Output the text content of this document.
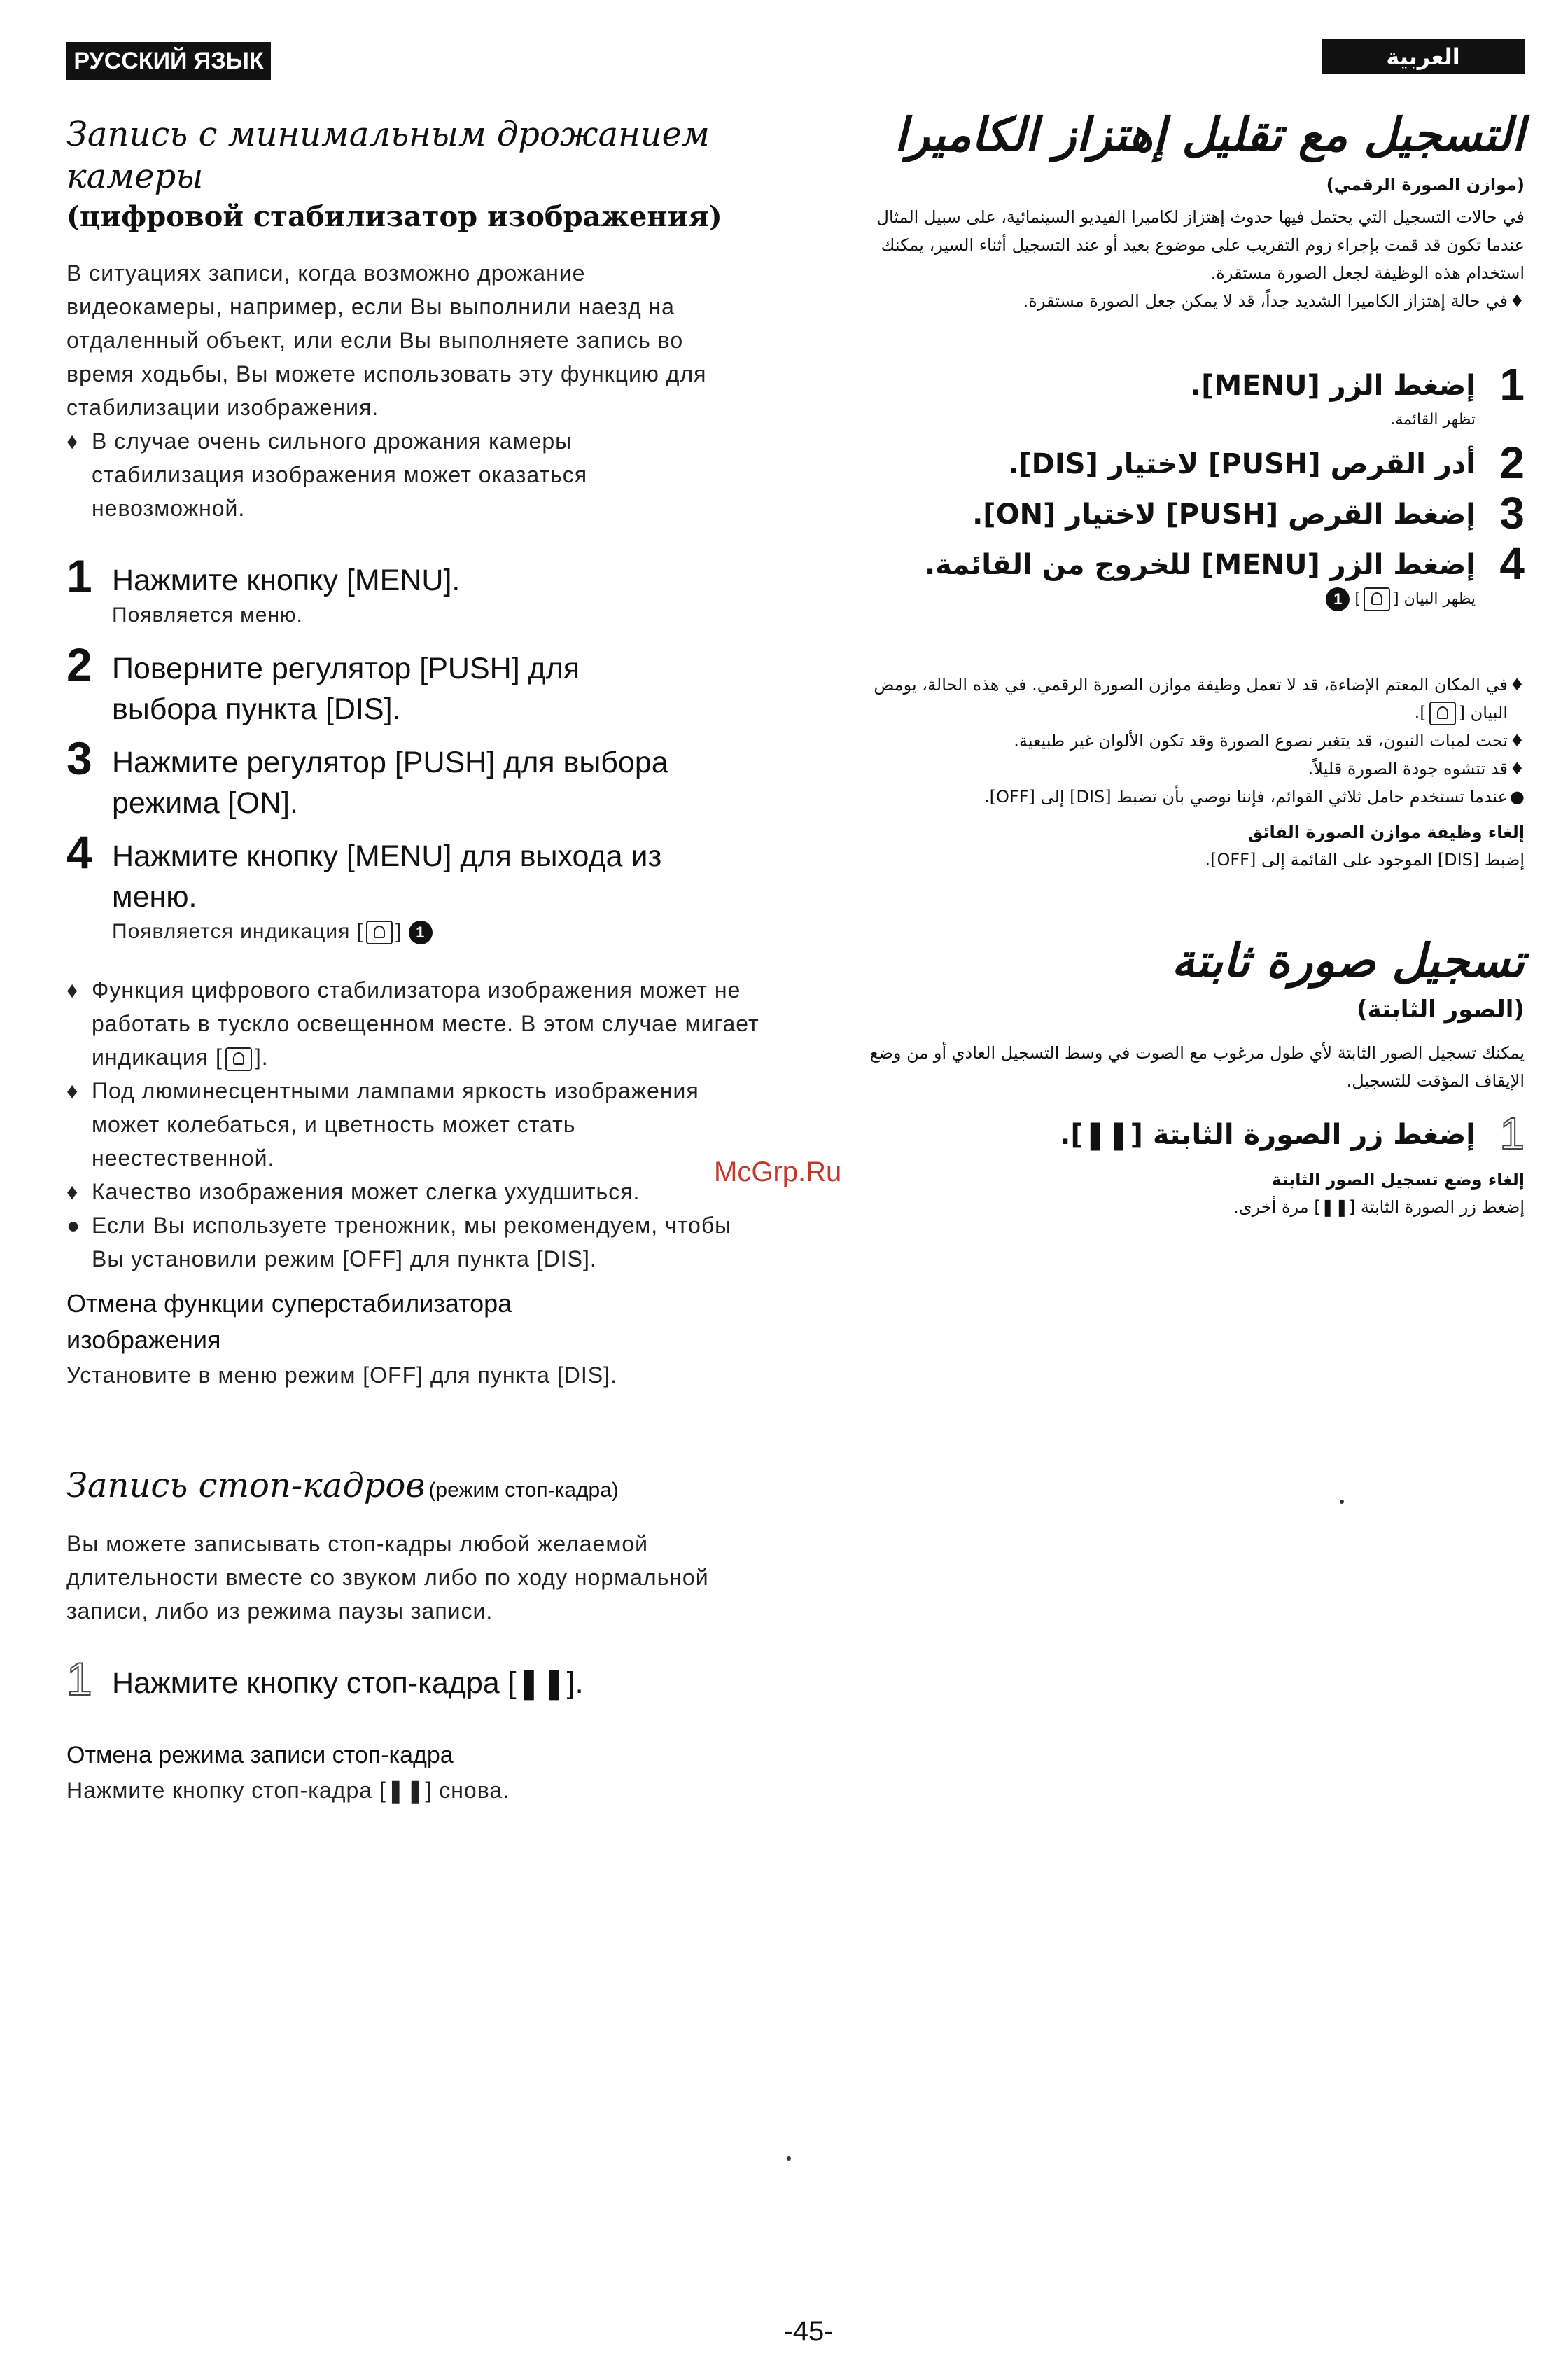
РУССКИЙ ЯЗЫК	العربية
Запись с минимальным дрожанием камеры
(цифровой стабилизатор изображения)
В ситуациях записи, когда возможно дрожание видеокамеры, например, если Вы выполнили наезд на отдаленный объект, или если Вы выполняете запись во время ходьбы, Вы можете использовать эту функцию для стабилизации изображения.
♦ В случае очень сильного дрожания камеры стабилизация изображения может оказаться невозможной.
1 Нажмите кнопку [MENU].
Появляется меню.
2 Поверните регулятор [PUSH] для выбора пункта [DIS].
3 Нажмите регулятор [PUSH] для выбора режима [ON].
4 Нажмите кнопку [MENU] для выхода из меню.
Появляется индикация [ ] 1
♦ Функция цифрового стабилизатора изображения может не работать в тускло освещенном месте. В этом случае мигает индикация [ ].
♦ Под люминесцентными лампами яркость изображения может колебаться, и цветность может стать неестественной.
♦ Качество изображения может слегка ухудшиться.
● Если Вы используете треножник, мы рекомендуем, чтобы Вы установили режим [OFF] для пункта [DIS].
Отмена функции суперстабилизатора изображения
Установите в меню режим [OFF] для пункта [DIS].
Запись стоп-кадров (режим стоп-кадра)
Вы можете записывать стоп-кадры любой желаемой длительности вместе со звуком либо по ходу нормальной записи, либо из режима паузы записи.
1 Нажмите кнопку стоп-кадра [❚❚].
Отмена режима записи стоп-кадра
Нажмите кнопку стоп-кадра [❚❚] снова.
التسجيل مع تقليل إهتزاز الكاميرا
(موازن الصورة الرقمي)
في حالات التسجيل التي يحتمل فيها حدوث إهتزاز لكاميرا الفيديو السينمائية، على سبيل المثال عندما تكون قد قمت بإجراء زوم التقريب على موضوع بعيد أو عند التسجيل أثناء السير، يمكنك استخدام هذه الوظيفة لجعل الصورة مستقرة.
♦
في حالة إهتزاز الكاميرا الشديد جداً، قد لا يمكن جعل الصورة مستقرة.
1
إضغط الزر [MENU].
تظهر القائمة.
2
أدر القرص [PUSH] لاختيار [DIS].
3
إضغط القرص [PUSH] لاختيار [ON].
4
إضغط الزر [MENU] للخروج من القائمة.
يظهر البيان [] 1
♦
في المكان المعتم الإضاءة، قد لا تعمل وظيفة موازن الصورة الرقمي. في هذه الحالة، يومض البيان [].
♦
تحت لمبات النيون، قد يتغير نصوع الصورة وقد تكون الألوان غير طبيعية.
♦
قد تتشوه جودة الصورة قليلاً.
●
عندما تستخدم حامل ثلاثي القوائم، فإننا نوصي بأن تضبط [DIS] إلى [OFF].
إلغاء وظيفة موازن الصورة الفائق
إضبط [DIS] الموجود على القائمة إلى [OFF].
تسجيل صورة ثابتة
(الصور الثابتة)
يمكنك تسجيل الصور الثابتة لأي طول مرغوب مع الصوت في وسط التسجيل العادي أو من وضع الإيقاف المؤقت للتسجيل.
1
إضغط زر الصورة الثابتة [❚❚].
إلغاء وضع تسجيل الصور الثابتة
إضغط زر الصورة الثابتة [❚❚] مرة أخرى.
McGrp.Ru
-45-
